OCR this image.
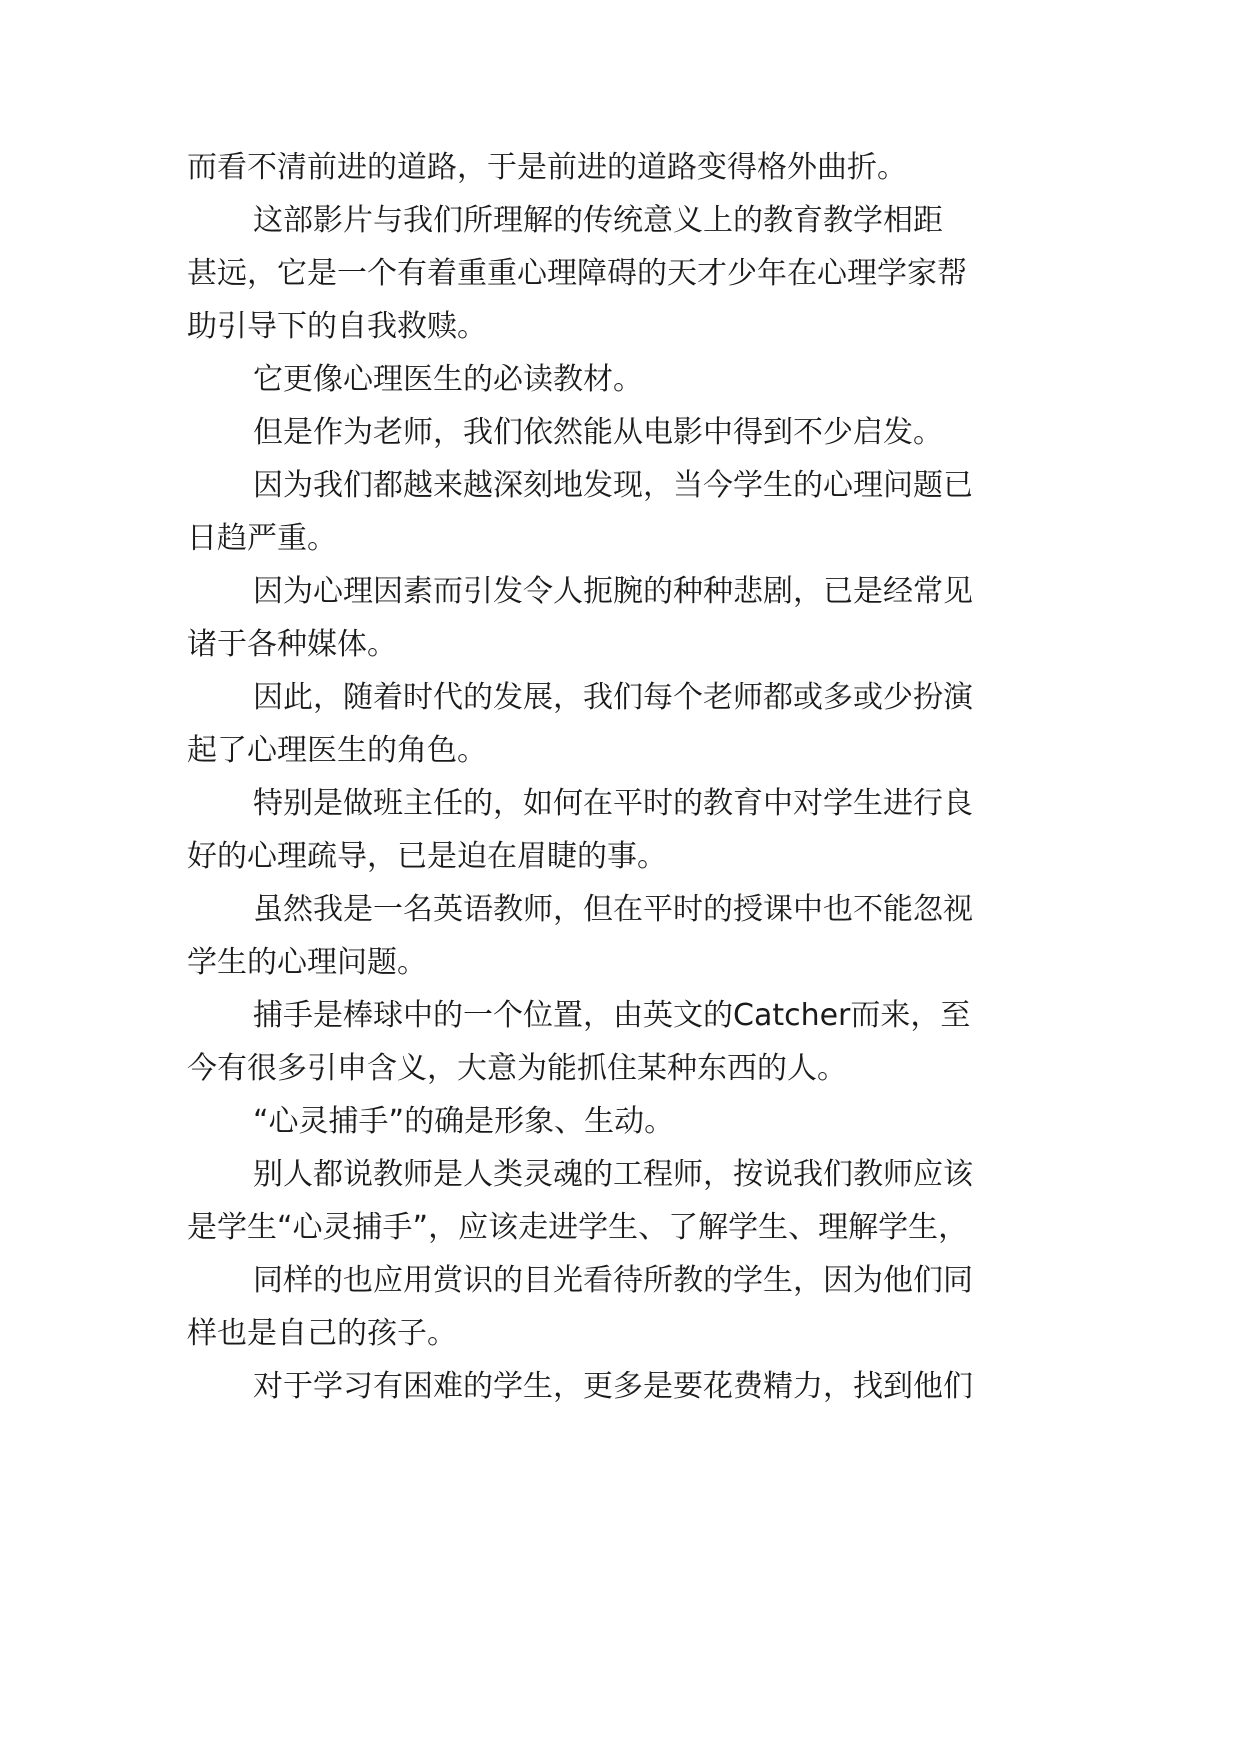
而看不清前进的道路，于是前进的道路变得格外曲折。
这部影片与我们所理解的传统意义上的教育教学相距
甚远，它是一个有着重重心理障碍的天才少年在心理学家帮
助引导下的自我救赎。
它更像心理医生的必读教材。
但是作为老师，我们依然能从电影中得到不少启发。
因为我们都越来越深刻地发现，当今学生的心理问题已
日趋严重。
因为心理因素而引发令人扼腕的种种悲剧，已是经常见
诸于各种媒体。
因此，随着时代的发展，我们每个老师都或多或少扮演
起了心理医生的角色。
特别是做班主任的，如何在平时的教育中对学生进行良
好的心理疏导，已是迫在眉睫的事。
虽然我是一名英语教师，但在平时的授课中也不能忽视
学生的心理问题。
捕手是棒球中的一个位置，由英文的Catcher而来，至
今有很多引申含义，大意为能抓住某种东西的人。
“心灵捕手”的确是形象、生动。
别人都说教师是人类灵魂的工程师，按说我们教师应该
是学生“心灵捕手”，应该走进学生、了解学生、理解学生，
同样的也应用赏识的目光看待所教的学生，因为他们同
样也是自己的孩子。
对于学习有困难的学生，更多是要花费精力，找到他们
